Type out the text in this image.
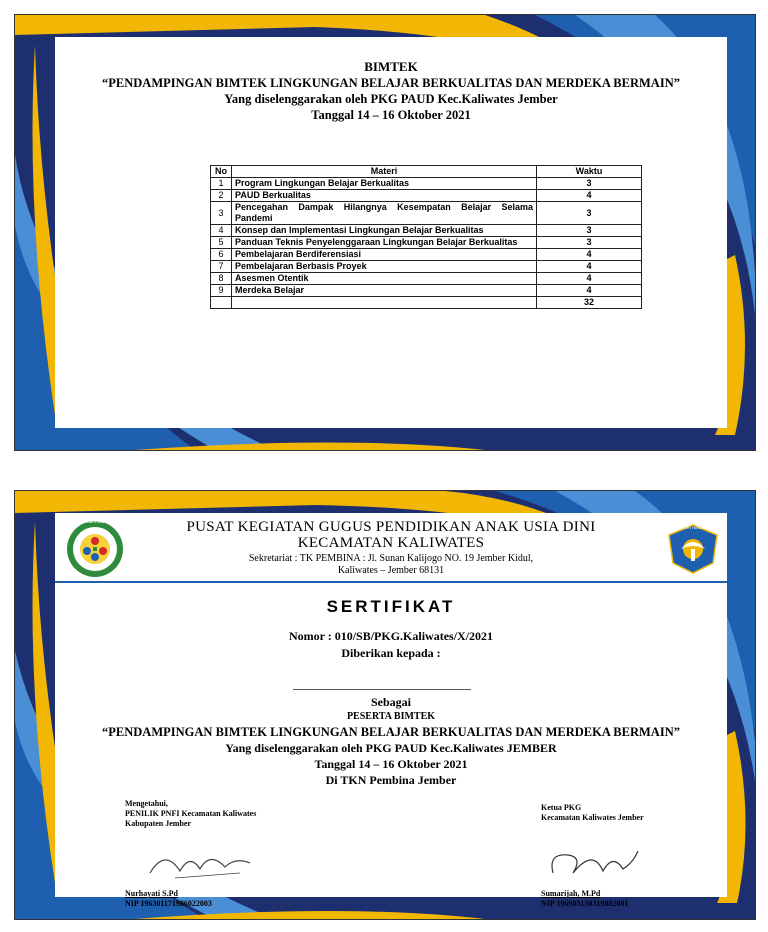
BIMTEK
“PENDAMPINGAN BIMTEK LINGKUNGAN BELAJAR BERKUALITAS DAN MERDEKA BERMAIN”
Yang diselenggarakan oleh PKG PAUD Kec.Kaliwates Jember
Tanggal 14 – 16 Oktober 2021
No	Materi	Waktu
1	Program Lingkungan Belajar Berkualitas	3
2	PAUD Berkualitas	4
3	Pencegahan Dampak Hilangnya Kesempatan Belajar Selama Pandemi	3
4	Konsep dan Implementasi Lingkungan Belajar Berkualitas	3
5	Panduan Teknis Penyelenggaraan Lingkungan Belajar Berkualitas	3
6	Pembelajaran Berdiferensiasi	4
7	Pembelajaran Berbasis Proyek	4
8	Asesmen Otentik	4
9	Merdeka Belajar	4
		32
PKG-PAUD
TUT WURI HANDAYANI
PUSAT KEGIATAN GUGUS PENDIDIKAN ANAK USIA DINI
KECAMATAN KALIWATES
Sekretariat : TK PEMBINA : Jl. Sunan Kalijogo NO. 19 Jember Kidul,
Kaliwates – Jember 68131
SERTIFIKAT
Nomor : 010/SB/PKG.Kaliwates/X/2021
Diberikan kepada :
Sebagai
PESERTA BIMTEK
“PENDAMPINGAN BIMTEK LINGKUNGAN BELAJAR BERKUALITAS DAN MERDEKA BERMAIN”
Yang diselenggarakan oleh PKG PAUD Kec.Kaliwates JEMBER
Tanggal 14 – 16 Oktober 2021
Di TKN Pembina Jember
Mengetahui,
PENILIK PNFI Kecamatan Kaliwates
Kabupaten Jember
Nurhayati S.Pd
NIP 196301171986022003
Ketua PKG
Kecamatan Kaliwates Jember
Sumarijah, M.Pd
NIP 196903150319882001
